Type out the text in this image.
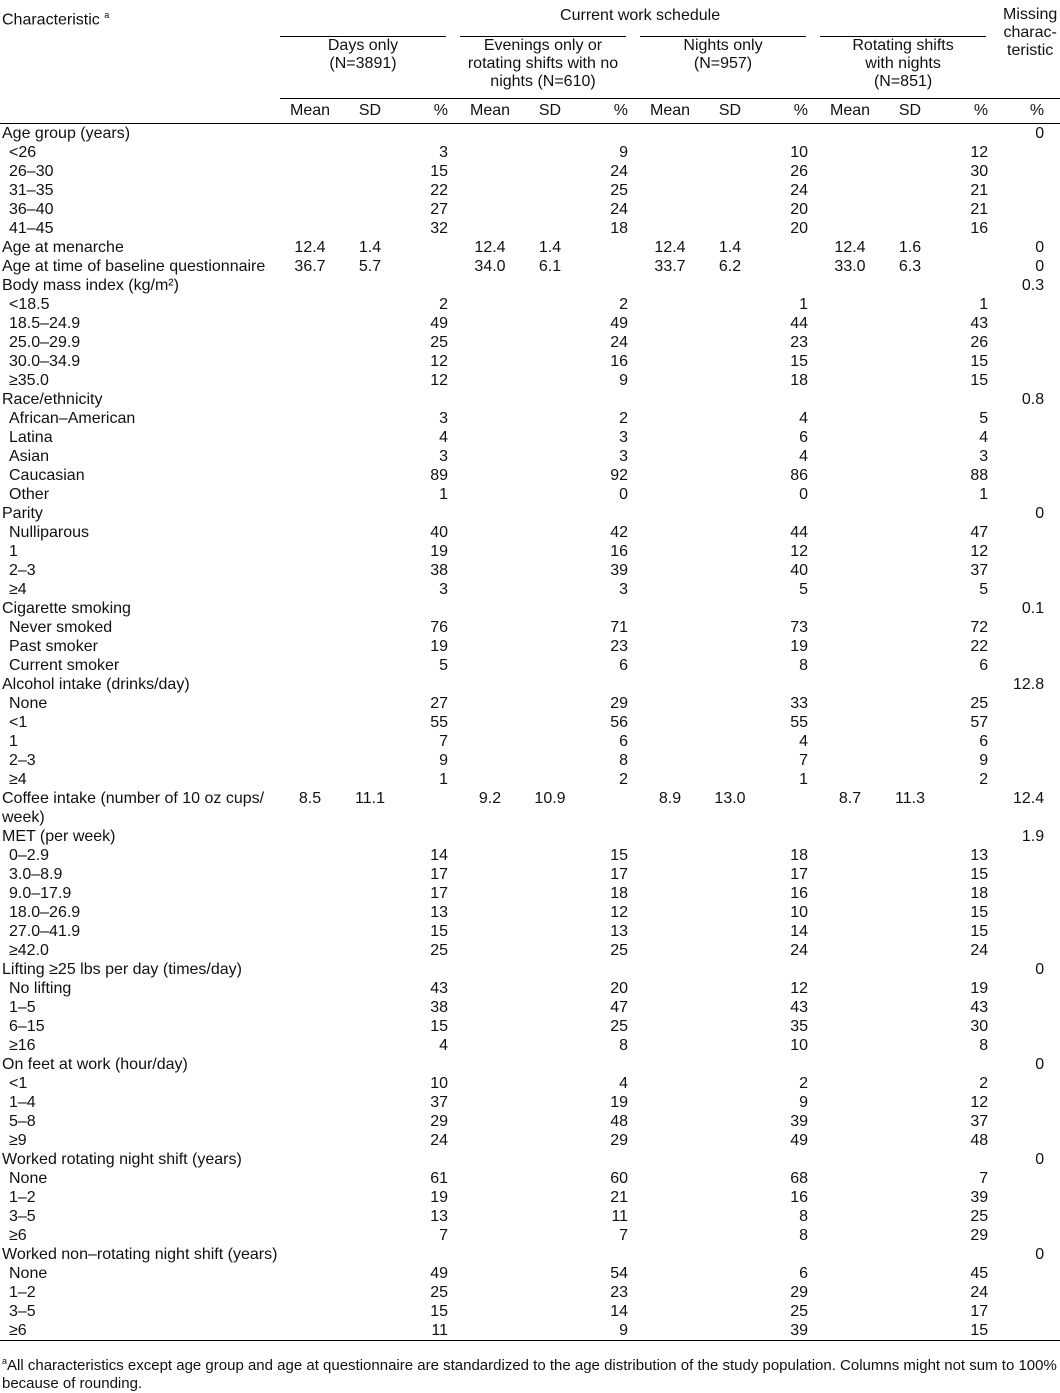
Characteristic $^a$	Current work schedule												Missing charac-teristic

	Days only (N=3891)			Evenings only or rotating shifts with no nights (N=610)			Nights only (N=957)			Rotating shifts with nights (N=851)			

	Mean	SD	%	Mean	SD	%	Mean	SD	%	Mean	SD	%	%
Age group (years)													0
<26			3			9			10			12	
26–30			15			24			26			30	
31–35			22			25			24			21	
36–40			27			24			20			21	
41–45			32			18			20			16	
Age at menarche	12.4	1.4		12.4	1.4		12.4	1.4		12.4	1.6		0
Age at time of baseline questionnaire	36.7	5.7		34.0	6.1		33.7	6.2		33.0	6.3		0
Body mass index (kg/m²)													0.3
<18.5			2			2			1			1	
18.5–24.9			49			49			44			43	
25.0–29.9			25			24			23			26	
30.0–34.9			12			16			15			15	
≥35.0			12			9			18			15	
Race/ethnicity													0.8
African–American			3			2			4			5	
Latina			4			3			6			4	
Asian			3			3			4			3	
Caucasian			89			92			86			88	
Other			1			0			0			1	
Parity													0
Nulliparous			40			42			44			47	
1			19			16			12			12	
2–3			38			39			40			37	
≥4			3			3			5			5	
Cigarette smoking													0.1
Never smoked			76			71			73			72	
Past smoker			19			23			19			22	
Current smoker			5			6			8			6	
Alcohol intake (drinks/day)													12.8
None			27			29			33			25	
<1			55			56			55			57	
1			7			6			4			6	
2–3			9			8			7			9	
≥4			1			2			1			2	
Coffee intake (number of 10 oz cups/ week)	8.5	11.1		9.2	10.9		8.9	13.0		8.7	11.3		12.4
MET (per week)													1.9
0–2.9			14			15			18			13	
3.0–8.9			17			17			17			15	
9.0–17.9			17			18			16			18	
18.0–26.9			13			12			10			15	
27.0–41.9			15			13			14			15	
≥42.0			25			25			24			24	
Lifting ≥25 lbs per day (times/day)													0
No lifting			43			20			12			19	
1–5			38			47			43			43	
6–15			15			25			35			30	
≥16			4			8			10			8	
On feet at work (hour/day)													0
<1			10			4			2			2	
1–4			37			19			9			12	
5–8			29			48			39			37	
≥9			24			29			49			48	
Worked rotating night shift (years)													0
None			61			60			68			7	
1–2			19			21			16			39	
3–5			13			11			8			25	
≥6			7			7			8			29	
Worked non–rotating night shift (years)													0
None			49			54			6			45	
1–2			25			23			29			24	
3–5			15			14			25			17	
≥6			11			9			39			15	
$^a$All characteristics except age group and age at questionnaire are standardized to the age distribution of the study population. Columns might not sum to 100% because of rounding.
